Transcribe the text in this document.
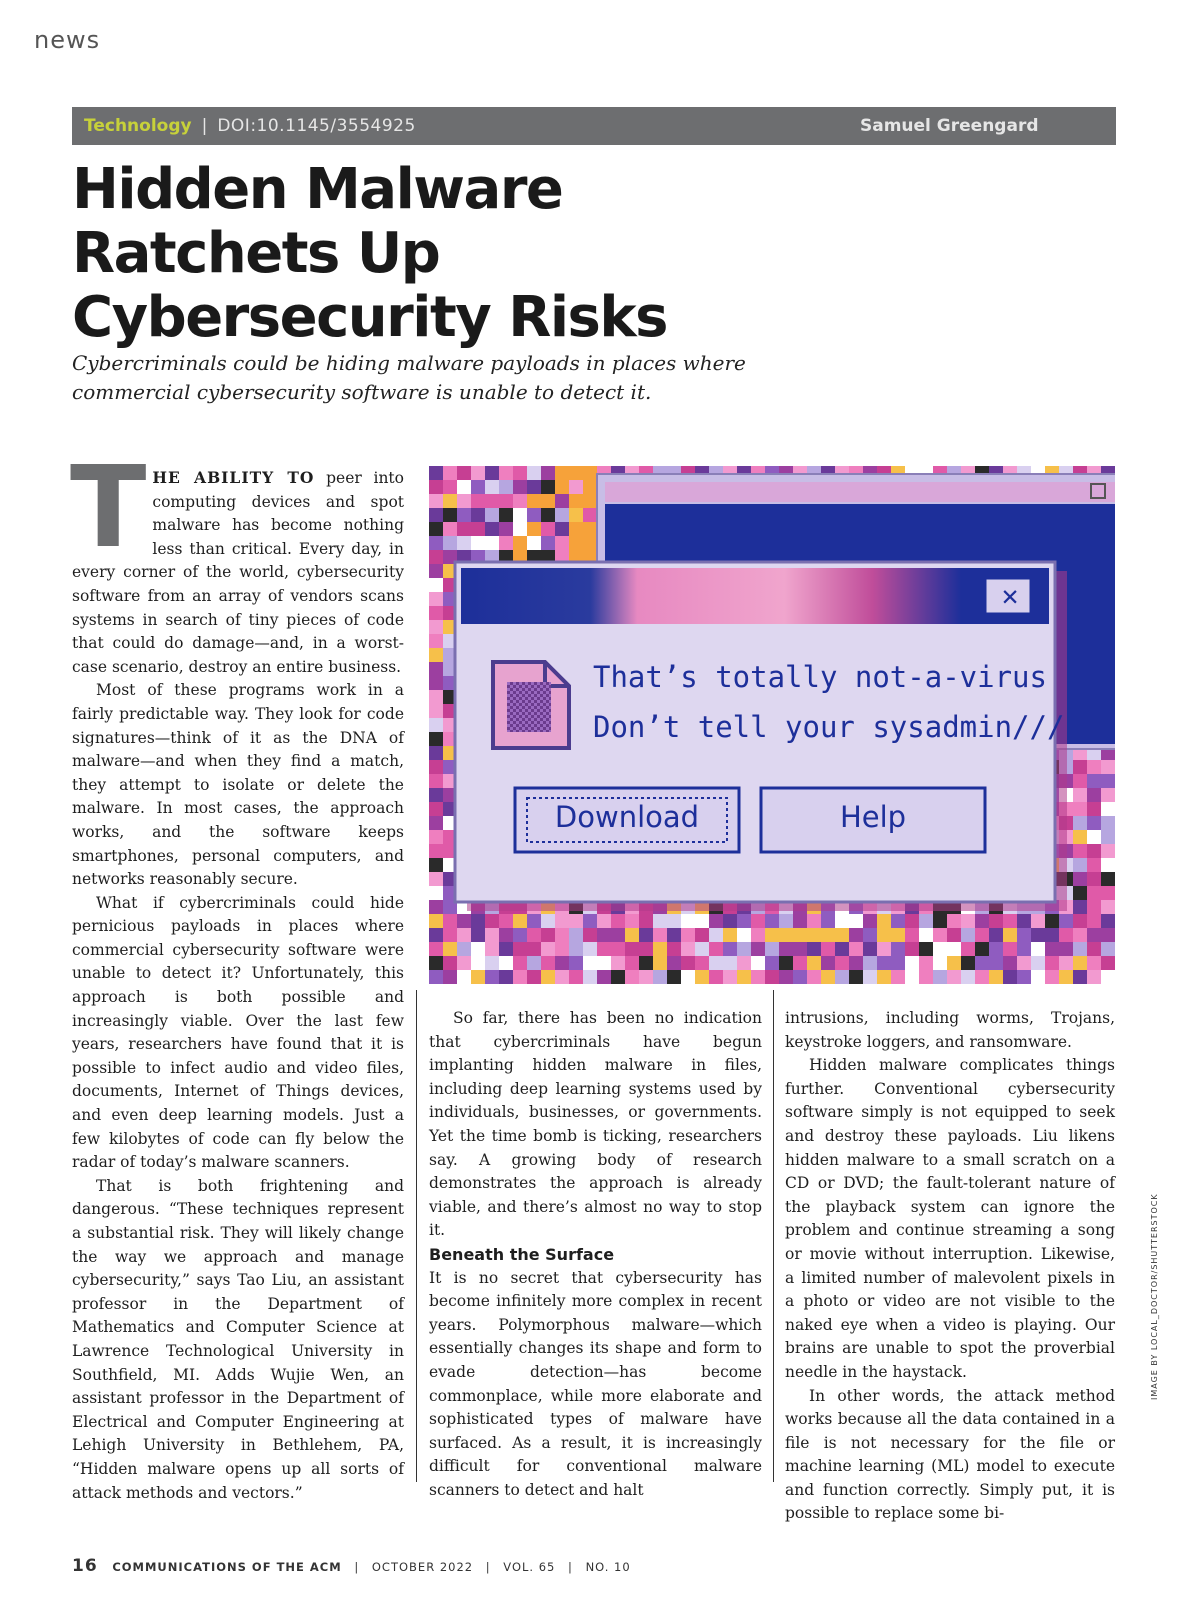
news
Technology | DOI:10.1145/3554925	Samuel Greengard
Hidden Malware
Ratchets Up
Cybersecurity Risks

Cybercriminals could be hiding malware payloads in places where commercial cybersecurity software is unable to detect it.

THE ABILITY TO peer into computing devices and spot malware has become nothing less than critical. Every day, in every corner of the world, cybersecurity software from an array of vendors scans systems in search of tiny pieces of code that could do damage—and, in a worst-case scenario, destroy an entire business.

Most of these programs work in a fairly predictable way. They look for code signatures—think of it as the DNA of malware—and when they find a match, they attempt to isolate or delete the malware. In most cases, the approach works, and the software keeps smartphones, personal computers, and networks reasonably secure.

What if cybercriminals could hide pernicious payloads in places where commercial cybersecurity software were unable to detect it? Unfortunately, this approach is both possible and increasingly viable. Over the last few years, researchers have found that it is possible to infect audio and video files, documents, Internet of Things devices, and even deep learning models. Just a few kilobytes of code can fly below the radar of today’s malware scanners.

That is both frightening and dangerous. “These techniques represent a substantial risk. They will likely change the way we approach and manage cybersecurity,” says Tao Liu, an assistant professor in the Department of Mathematics and Computer Science at Lawrence Technological University in Southfield, MI. Adds Wujie Wen, an assistant professor in the Department of Electrical and Computer Engineering at Lehigh University in Bethlehem, PA, “Hidden malware opens up all sorts of attack methods and vectors.”

✕
That’s totally not-a-virus
Don’t tell your sysadmin///
Download	Help

So far, there has been no indication that cybercriminals have begun implanting hidden malware in files, including deep learning systems used by individuals, businesses, or governments. Yet the time bomb is ticking, researchers say. A growing body of research demonstrates the approach is already viable, and there’s almost no way to stop it.

Beneath the Surface

It is no secret that cybersecurity has become infinitely more complex in recent years. Polymorphous malware—which essentially changes its shape and form to evade detection—has become commonplace, while more elaborate and sophisticated types of malware have surfaced. As a result, it is increasingly difficult for conventional malware scanners to detect and halt

intrusions, including worms, Trojans, keystroke loggers, and ransomware.

Hidden malware complicates things further. Conventional cybersecurity software simply is not equipped to seek and destroy these payloads. Liu likens hidden malware to a small scratch on a CD or DVD; the fault-tolerant nature of the playback system can ignore the problem and continue streaming a song or movie without interruption. Likewise, a limited number of malevolent pixels in a photo or video are not visible to the naked eye when a video is playing. Our brains are unable to spot the proverbial needle in the haystack.

In other words, the attack method works because all the data contained in a file is not necessary for the file or machine learning (ML) model to execute and function correctly. Simply put, it is possible to replace some bi-

IMAGE BY LOCAL_DOCTOR/SHUTTERSTOCK
16 COMMUNICATIONS OF THE ACM | OCTOBER 2022 | VOL. 65 | NO. 10
